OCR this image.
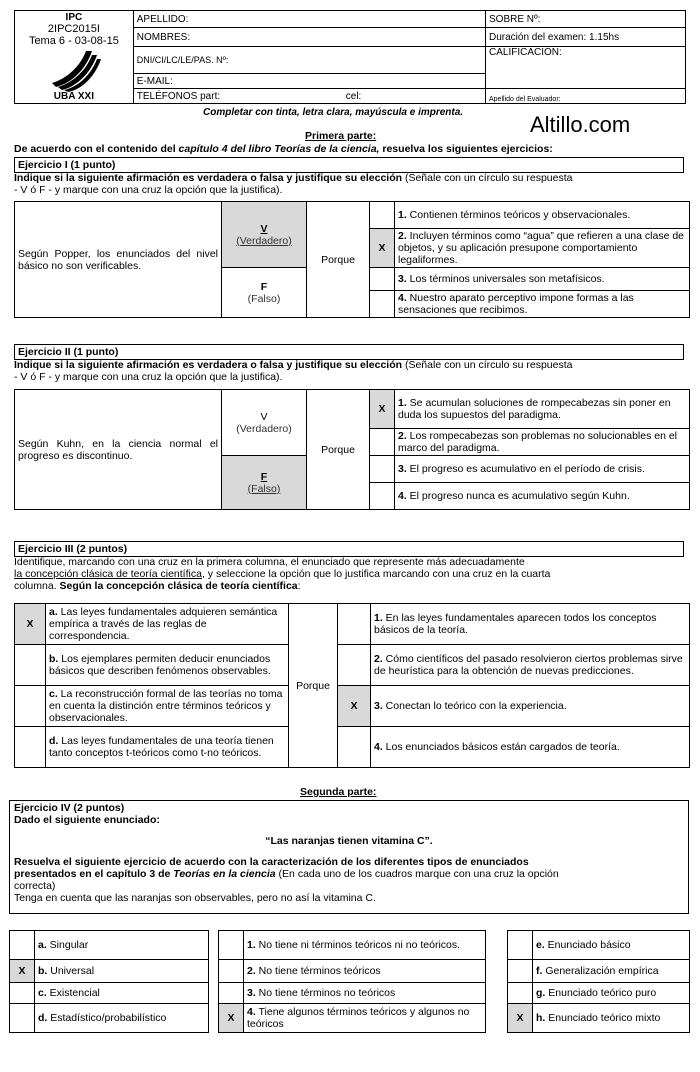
IPC
2IPC2015I
Tema 6 - 03-08-15
UBA XXI	APELLIDO:	SOBRE Nº:
	NOMBRES:	Duración del examen: 1.15hs
	DNI/CI/LC/LE/PAS. Nº:	CALIFICACIÓN:
	E-MAIL:	
	TELÉFONOS part: cel:	Apellido del Evaluador:
Completar con tinta, letra clara, mayúscula e imprenta.	Altillo.com
Primera parte:
De acuerdo con el contenido del capítulo 4 del libro Teorías de la ciencia, resuelva los siguientes ejercicios:
Ejercicio I (1 punto)
Indique si la siguiente afirmación es verdadera o falsa y justifique su elección (Señale con un círculo su respuesta
- V ó F - y marque con una cruz la opción que la justifica).
Según Popper, los enunciados del nivel básico no son verificables.	V
(Verdadero)	Porque		1. Contienen términos teóricos y observacionales.
			X	2. Incluyen términos como “agua” que refieren a una clase de objetos, y su aplicación presupone comportamiento legaliformes.

	F
(Falso)			3. Los términos universales son metafísicos.
				4. Nuestro aparato perceptivo impone formas a las sensaciones que recibimos.
Ejercicio II (1 punto)
Indique si la siguiente afirmación es verdadera o falsa y justifique su elección (Señale con un círculo su respuesta
- V ó F - y marque con una cruz la opción que la justifica).
Según Kuhn, en la ciencia normal el progreso es discontinuo.	V
(Verdadero)	Porque	X	1. Se acumulan soluciones de rompecabezas sin poner en duda los supuestos del paradigma.
				2. Los rompecabezas son problemas no solucionables en el marco del paradigma.

	F
(Falso)			3. El progreso es acumulativo en el período de crisis.
				4. El progreso nunca es acumulativo según Kuhn.
Ejercicio III (2 puntos)
Identifique, marcando con una cruz en la primera columna, el enunciado que represente más adecuadamente
la concepción clásica de teoría científica, y seleccione la opción que lo justifica marcando con una cruz en la cuarta
columna. Según la concepción clásica de teoría científica:
X	a. Las leyes fundamentales adquieren semántica empírica a través de las reglas de correspondencia.	Porque		1. En las leyes fundamentales aparecen todos los conceptos básicos de la teoría.
	b. Los ejemplares permiten deducir enunciados básicos que describen fenómenos observables.			2. Cómo científicos del pasado resolvieron ciertos problemas sirve de heurística para la obtención de nuevas predicciones.
	c. La reconstrucción formal de las teorías no toma en cuenta la distinción entre términos teóricos y observacionales.		X	3. Conectan lo teórico con la experiencia.
	d. Las leyes fundamentales de una teoría tienen tanto conceptos t-teóricos como t-no teóricos.			4. Los enunciados básicos están cargados de teoría.
Segunda parte:
Ejercicio IV (2 puntos)
Dado el siguiente enunciado:
“Las naranjas tienen vitamina C”.
Resuelva el siguiente ejercicio de acuerdo con la caracterización de los diferentes tipos de enunciados
presentados en el capítulo 3 de Teorías en la ciencia (En cada uno de los cuadros marque con una cruz la opción
correcta)
Tenga en cuenta que las naranjas son observables, pero no así la vitamina C.
	a. Singular
X	b. Universal
	c. Existencial
	d. Estadístico/probabilístico
	1. No tiene ni términos teóricos ni no teóricos.
	2. No tiene términos teóricos
	3. No tiene términos no teóricos
X	4. Tiene algunos términos teóricos y algunos no teóricos
	e. Enunciado básico
	f. Generalización empírica
	g. Enunciado teórico puro
X	h. Enunciado teórico mixto
